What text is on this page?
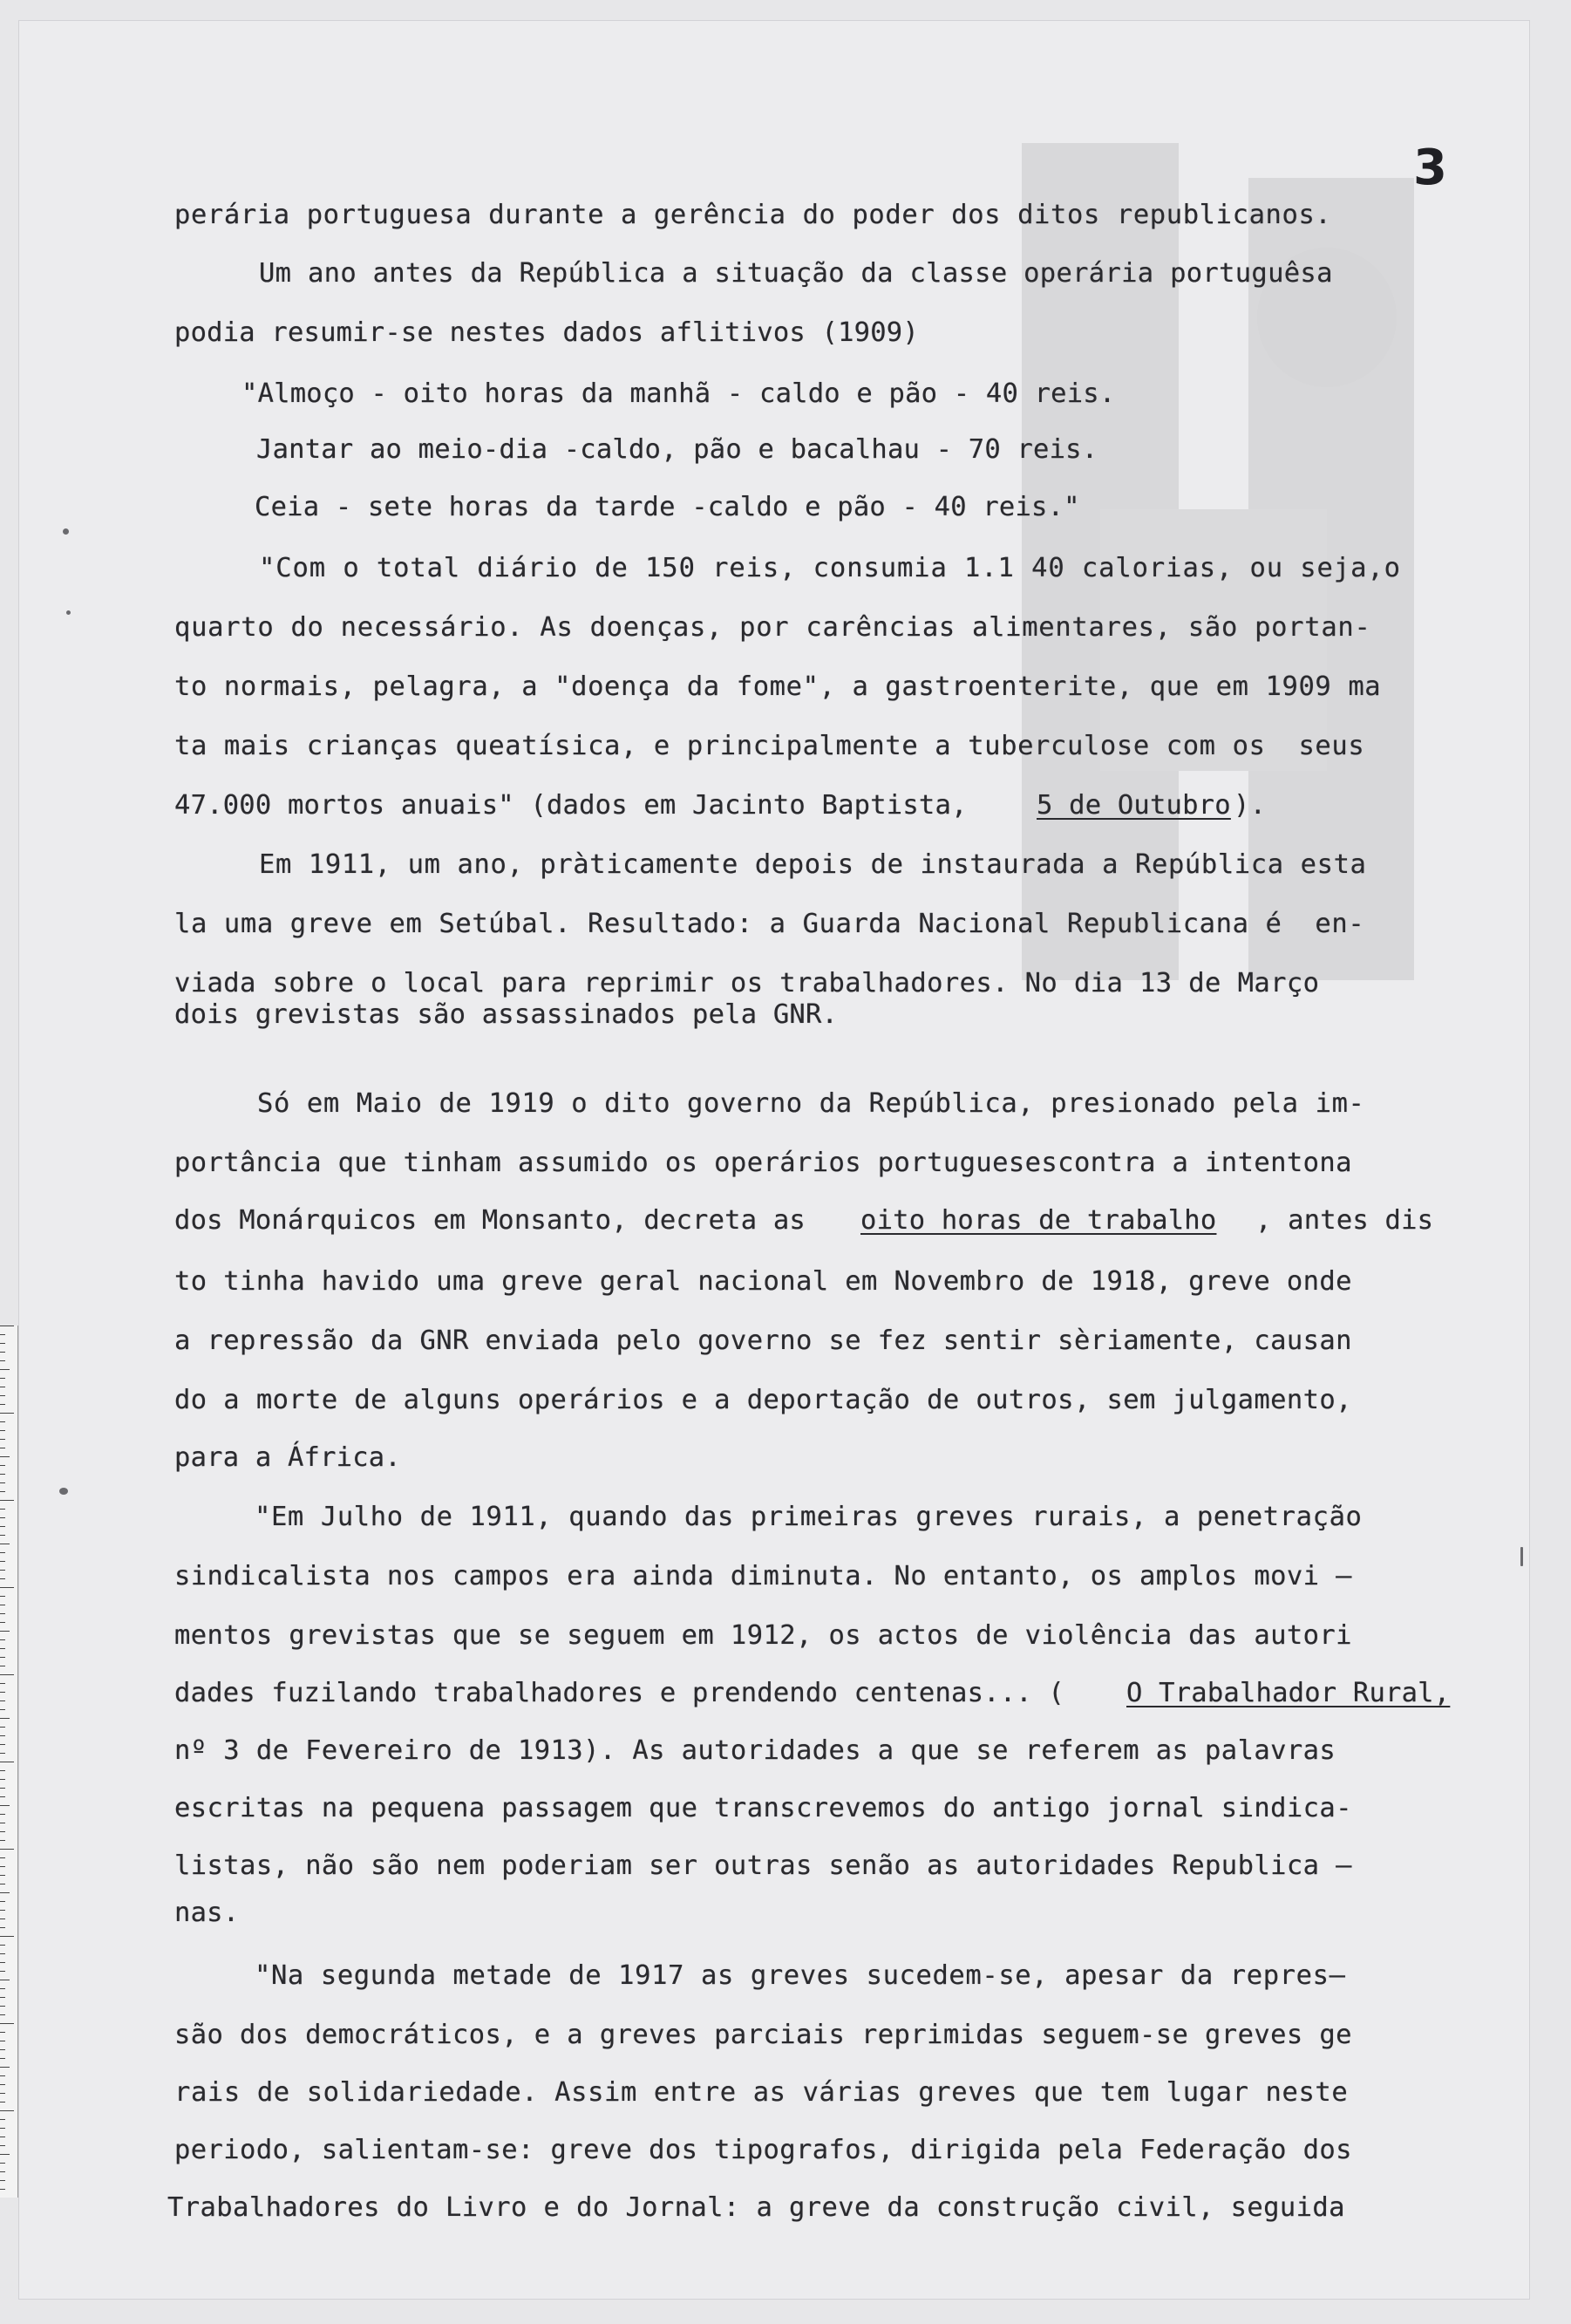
3
perária portuguesa durante a gerência do poder dos ditos republicanos.
Um ano antes da República a situação da classe operária portuguêsa
podia resumir-se nestes dados aflitivos (1909)
"Almoço - oito horas da manhã - caldo e pão - 40 reis.
Jantar ao meio-dia -caldo, pão e bacalhau - 70 reis.
Ceia - sete horas da tarde -caldo e pão - 40 reis."
"Com o total diário de 150 reis, consumia 1.1 40 calorias, ou seja,o
quarto do necessário. As doenças, por carências alimentares, são portan-
to normais, pelagra, a "doença da fome", a gastroenterite, que em 1909 ma
ta mais crianças queatísica, e principalmente a tuberculose com os  seus
47.000 mortos anuais" (dados em Jacinto Baptista,	5 de Outubro ).
Em 1911, um ano, pràticamente depois de instaurada a República esta
la uma greve em Setúbal. Resultado: a Guarda Nacional Republicana é  en-
viada sobre o local para reprimir os trabalhadores. No dia 13 de Março
dois grevistas são assassinados pela GNR.
Só em Maio de 1919 o dito governo da República, presionado pela im-
portância que tinham assumido os operários portuguesescontra a intentona
dos Monárquicos em Monsanto, decreta as oito horas de trabalho , antes dis
to tinha havido uma greve geral nacional em Novembro de 1918, greve onde
a repressão da GNR enviada pelo governo se fez sentir sèriamente, causan
do a morte de alguns operários e a deportação de outros, sem julgamento,
para a África.
"Em Julho de 1911, quando das primeiras greves rurais, a penetração
sindicalista nos campos era ainda diminuta. No entanto, os amplos movi —
mentos grevistas que se seguem em 1912, os actos de violência das autori
dades fuzilando trabalhadores e prendendo centenas... ( O Trabalhador Rural,
nº 3 de Fevereiro de 1913). As autoridades a que se referem as palavras
escritas na pequena passagem que transcrevemos do antigo jornal sindica-
listas, não são nem poderiam ser outras senão as autoridades Republica —
nas.
"Na segunda metade de 1917 as greves sucedem-se, apesar da repres—
são dos democráticos, e a greves parciais reprimidas seguem-se greves ge
rais de solidariedade. Assim entre as várias greves que tem lugar neste
periodo, salientam-se: greve dos tipografos, dirigida pela Federação dos
Trabalhadores do Livro e do Jornal: a greve da construção civil, seguida
